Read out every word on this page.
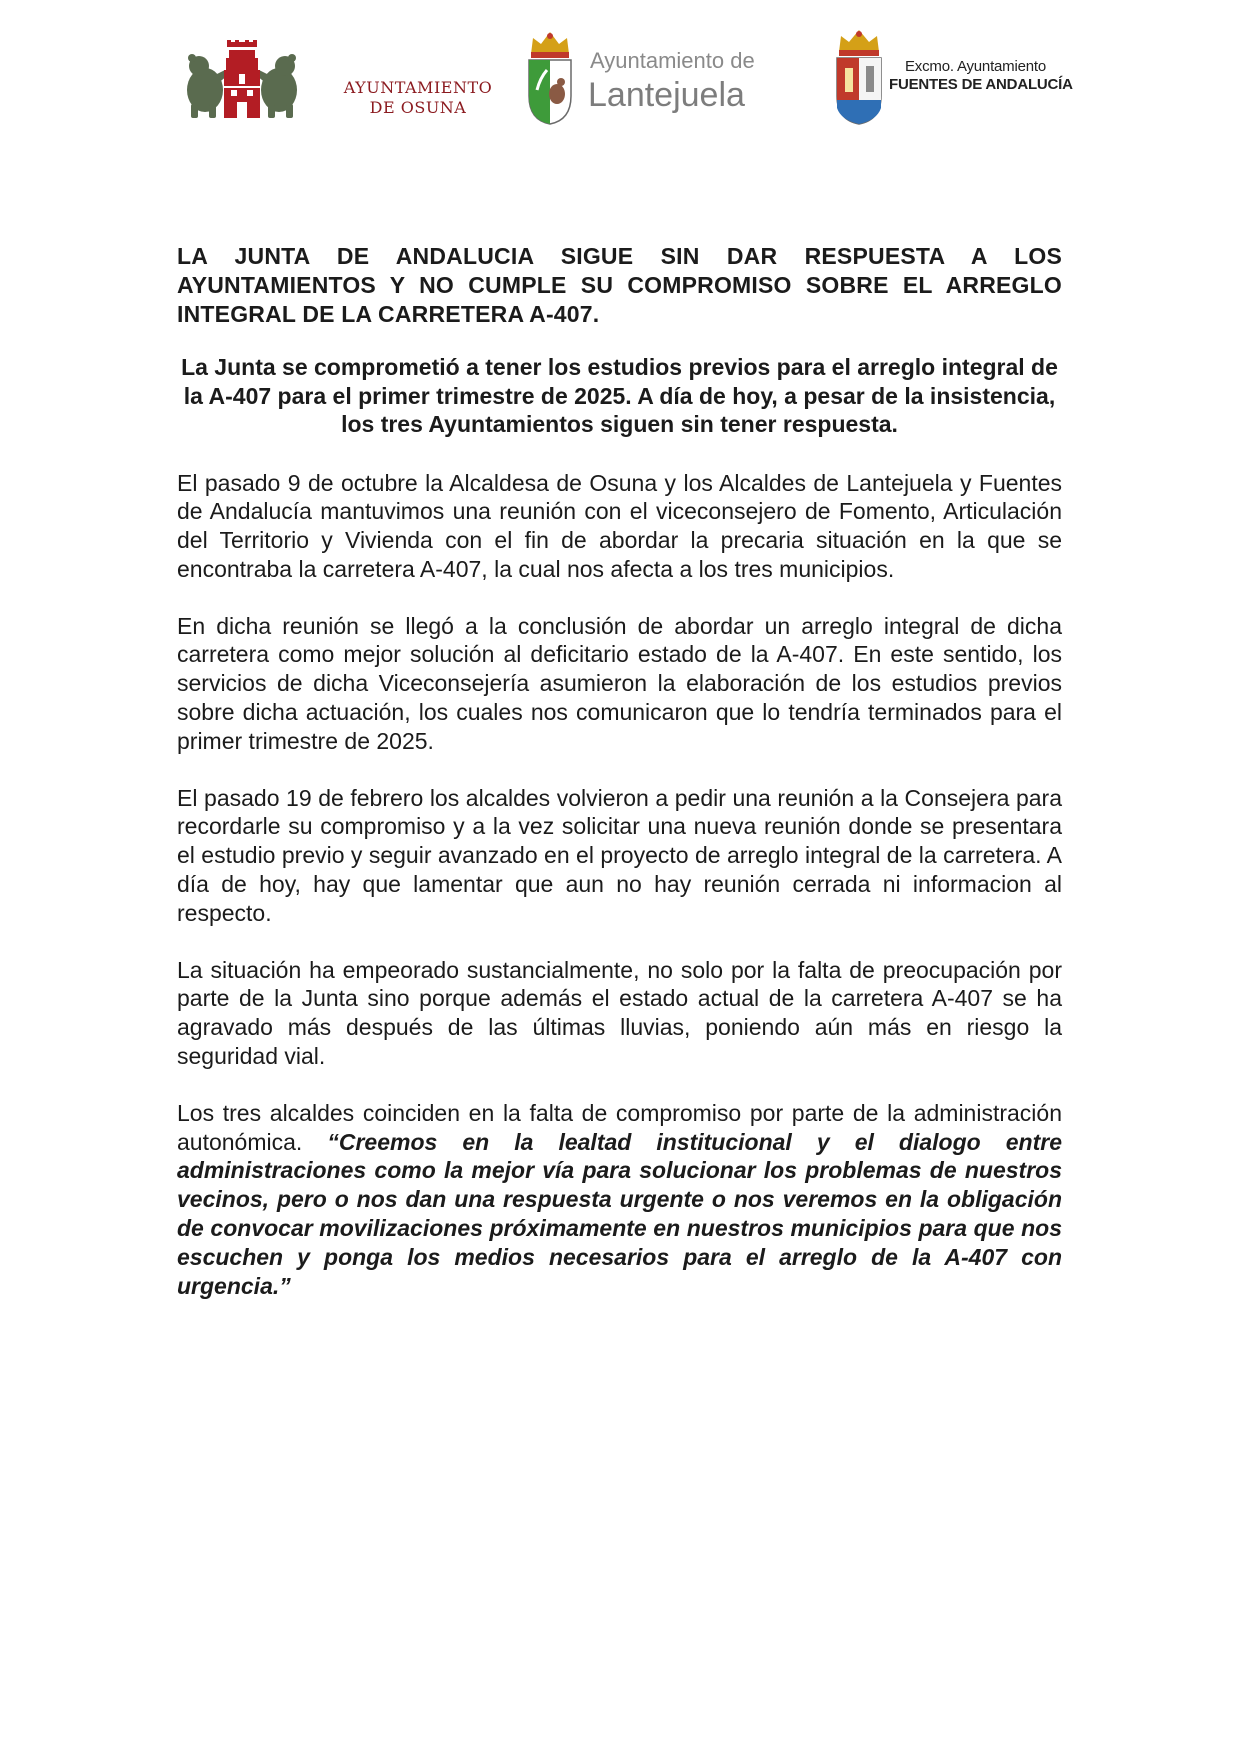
AYUNTAMIENTO
DE OSUNA
Ayuntamiento de
Lantejuela
Excmo. Ayuntamiento
FUENTES DE ANDALUCÍA

LA JUNTA DE ANDALUCIA SIGUE SIN DAR RESPUESTA A LOS AYUNTAMIENTOS Y NO CUMPLE SU COMPROMISO SOBRE EL ARREGLO INTEGRAL DE LA CARRETERA A-407.

La Junta se comprometió a tener los estudios previos para el arreglo integral de la A-407 para el primer trimestre de 2025. A día de hoy, a pesar de la insistencia, los tres Ayuntamientos siguen sin tener respuesta.

El pasado 9 de octubre la Alcaldesa de Osuna y los Alcaldes de Lantejuela y Fuentes de Andalucía mantuvimos una reunión con el viceconsejero de Fomento, Articulación del Territorio y Vivienda con el fin de abordar la precaria situación en la que se encontraba la carretera A-407, la cual nos afecta a los tres municipios.

En dicha reunión se llegó a la conclusión de abordar un arreglo integral de dicha carretera como mejor solución al deficitario estado de la A-407. En este sentido, los servicios de dicha Viceconsejería asumieron la elaboración de los estudios previos sobre dicha actuación, los cuales nos comunicaron que lo tendría terminados para el primer trimestre de 2025.

El pasado 19 de febrero los alcaldes volvieron a pedir una reunión a la Consejera para recordarle su compromiso y a la vez solicitar una nueva reunión donde se presentara el estudio previo y seguir avanzado en el proyecto de arreglo integral de la carretera. A día de hoy, hay que lamentar que aun no hay reunión cerrada ni informacion al respecto.

La situación ha empeorado sustancialmente, no solo por la falta de preocupación por parte de la Junta sino porque además el estado actual de la carretera A-407 se ha agravado más después de las últimas lluvias, poniendo aún más en riesgo la seguridad vial.

Los tres alcaldes coinciden en la falta de compromiso por parte de la administración autonómica. “Creemos en la lealtad institucional y el dialogo entre administraciones como la mejor vía para solucionar los problemas de nuestros vecinos, pero o nos dan una respuesta urgente o nos veremos en la obligación de convocar movilizaciones próximamente en nuestros municipios para que nos escuchen y ponga los medios necesarios para el arreglo de la A-407 con urgencia.”
